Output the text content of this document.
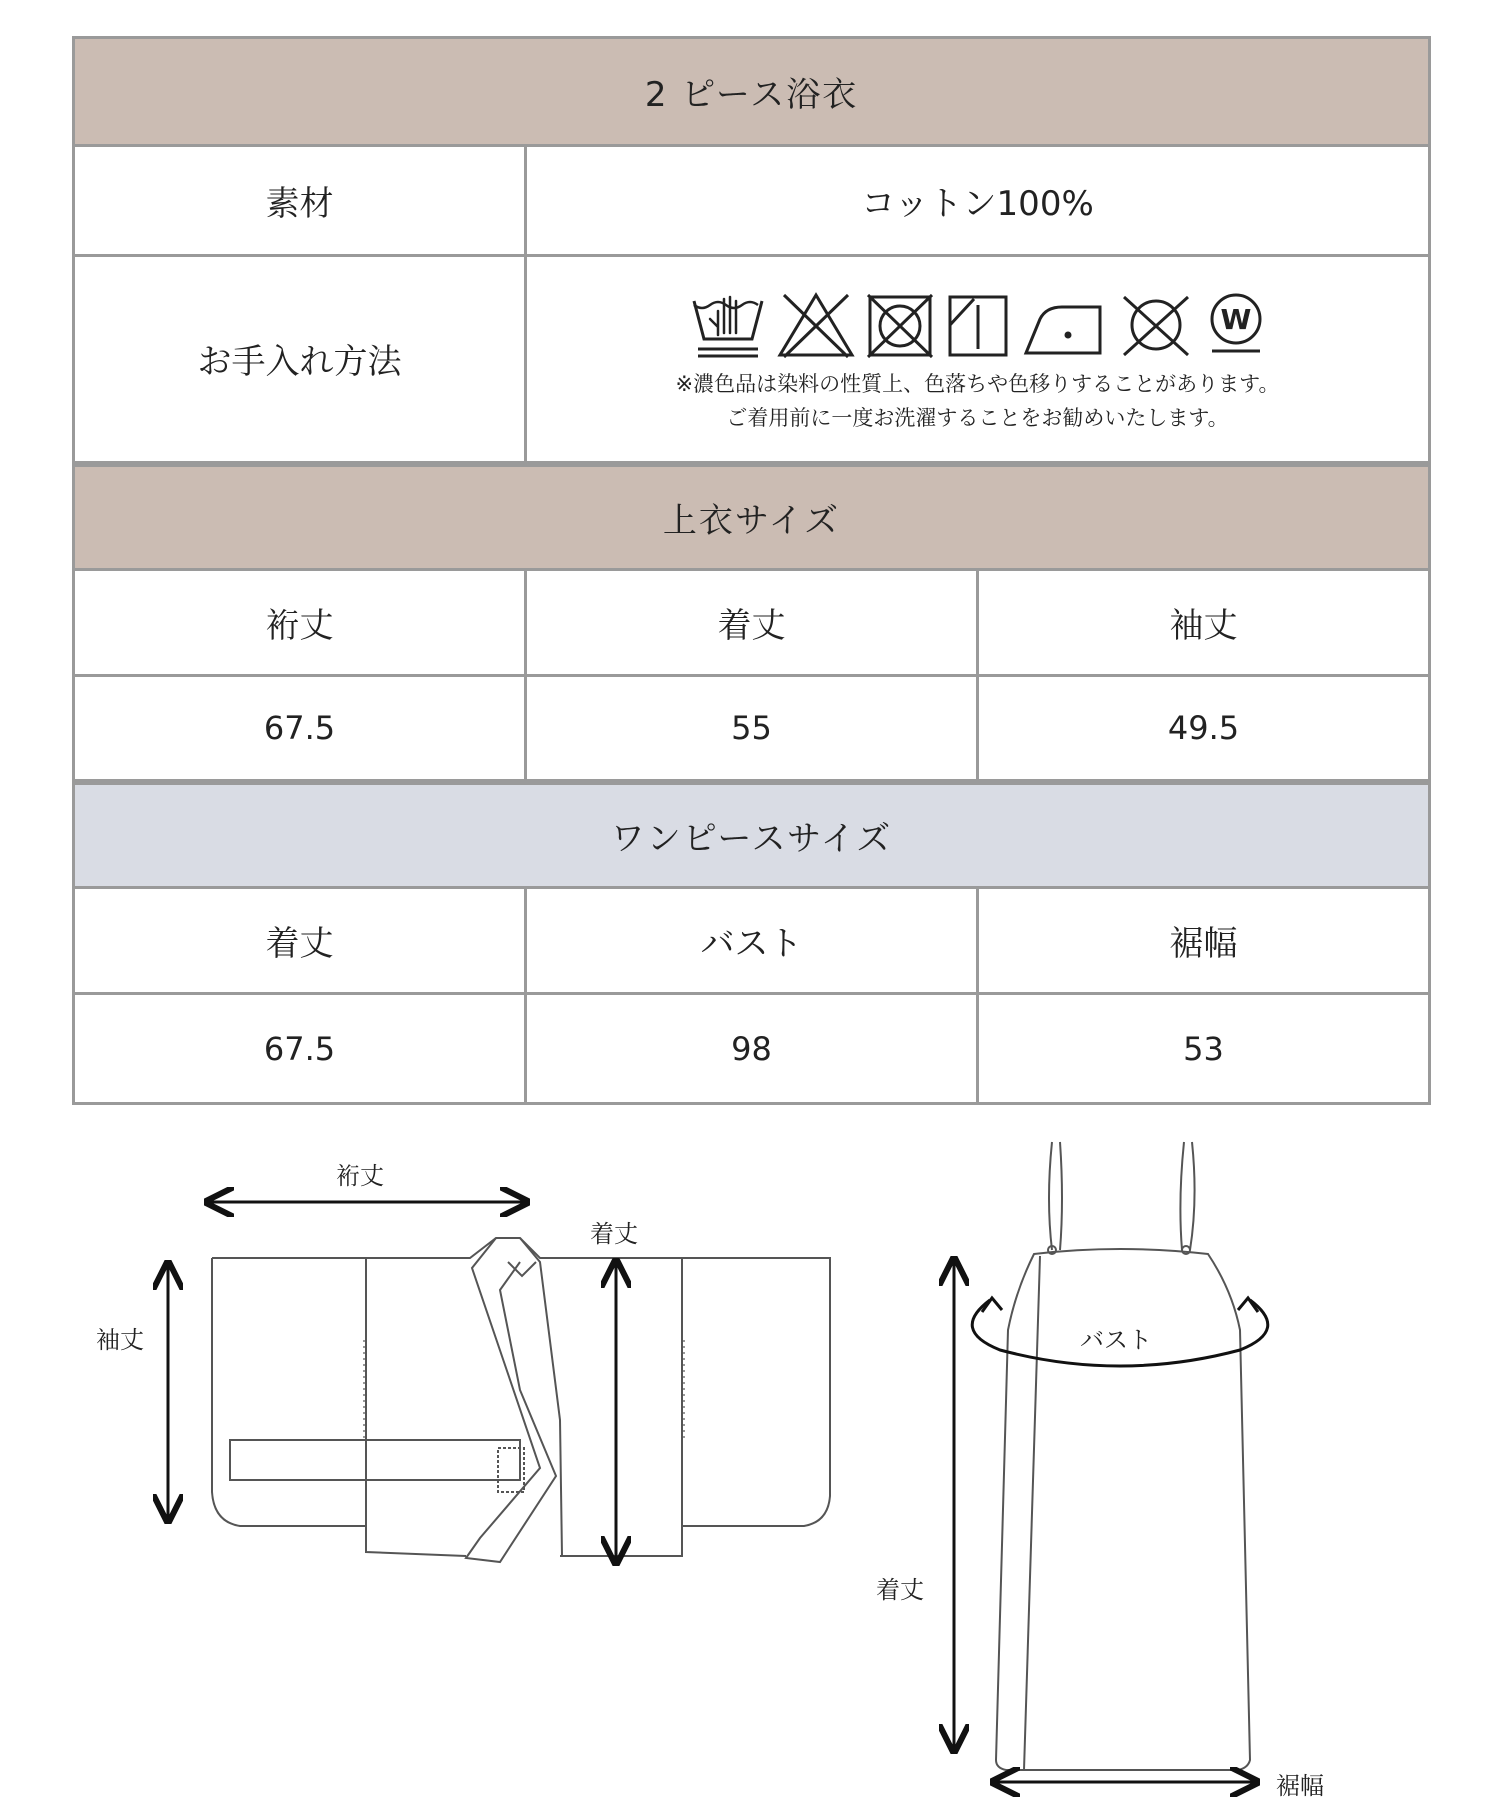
2 ピース浴衣		
素材	コットン100%	
お手入れ方法	W
※濃色品は染料の性質上、色落ちや色移りすることがあります。
ご着用前に一度お洗濯することをお勧めいたします。	

上衣サイズ		
裄丈	着丈	袖丈
67.5	55	49.5
ワンピースサイズ		
着丈	バスト	裾幅
67.5	98	53
裄丈
着丈
袖丈	バスト
着丈
裾幅
